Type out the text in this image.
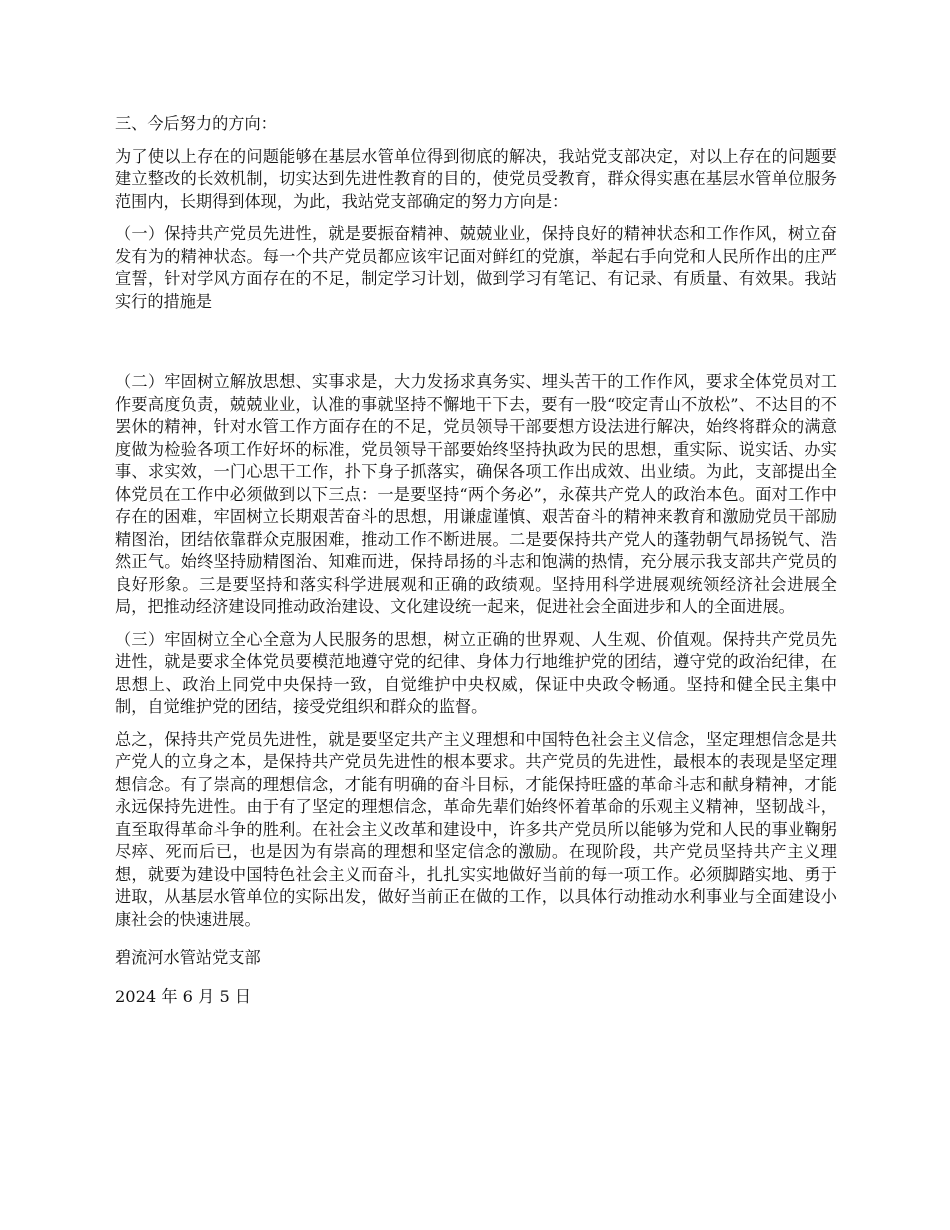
三、今后努力的方向：

为了使以上存在的问题能够在基层水管单位得到彻底的解决，我站党支部决定，对以上存在的问题要建立整改的长效机制，切实达到先进性教育的目的，使党员受教育，群众得实惠在基层水管单位服务范围内，长期得到体现，为此，我站党支部确定的努力方向是：

（一）保持共产党员先进性，就是要振奋精神、兢兢业业，保持良好的精神状态和工作作风，树立奋发有为的精神状态。每一个共产党员都应该牢记面对鲜红的党旗，举起右手向党和人民所作出的庄严宣誓，针对学风方面存在的不足，制定学习计划，做到学习有笔记、有记录、有质量、有效果。我站实行的措施是

（二）牢固树立解放思想、实事求是，大力发扬求真务实、埋头苦干的工作作风，要求全体党员对工作要高度负责，兢兢业业，认准的事就坚持不懈地干下去，要有一股“咬定青山不放松”、不达目的不罢休的精神，针对水管工作方面存在的不足，党员领导干部要想方设法进行解决，始终将群众的满意度做为检验各项工作好坏的标准，党员领导干部要始终坚持执政为民的思想，重实际、说实话、办实事、求实效，一门心思干工作，扑下身子抓落实，确保各项工作出成效、出业绩。为此，支部提出全体党员在工作中必须做到以下三点：一是要坚持“两个务必”，永葆共产党人的政治本色。面对工作中存在的困难，牢固树立长期艰苦奋斗的思想，用谦虚谨慎、艰苦奋斗的精神来教育和激励党员干部励精图治，团结依靠群众克服困难，推动工作不断进展。二是要保持共产党人的蓬勃朝气昂扬锐气、浩然正气。始终坚持励精图治、知难而进，保持昂扬的斗志和饱满的热情，充分展示我支部共产党员的良好形象。三是要坚持和落实科学进展观和正确的政绩观。坚持用科学进展观统领经济社会进展全局，把推动经济建设同推动政治建设、文化建设统一起来，促进社会全面进步和人的全面进展。

（三）牢固树立全心全意为人民服务的思想，树立正确的世界观、人生观、价值观。保持共产党员先进性，就是要求全体党员要模范地遵守党的纪律、身体力行地维护党的团结，遵守党的政治纪律，在思想上、政治上同党中央保持一致，自觉维护中央权威，保证中央政令畅通。坚持和健全民主集中制，自觉维护党的团结，接受党组织和群众的监督。

总之，保持共产党员先进性，就是要坚定共产主义理想和中国特色社会主义信念，坚定理想信念是共产党人的立身之本，是保持共产党员先进性的根本要求。共产党员的先进性，最根本的表现是坚定理想信念。有了崇高的理想信念，才能有明确的奋斗目标，才能保持旺盛的革命斗志和献身精神，才能永远保持先进性。由于有了坚定的理想信念，革命先辈们始终怀着革命的乐观主义精神，坚韧战斗，直至取得革命斗争的胜利。在社会主义改革和建设中，许多共产党员所以能够为党和人民的事业鞠躬尽瘁、死而后已，也是因为有崇高的理想和坚定信念的激励。在现阶段，共产党员坚持共产主义理想，就要为建设中国特色社会主义而奋斗，扎扎实实地做好当前的每一项工作。必须脚踏实地、勇于进取，从基层水管单位的实际出发，做好当前正在做的工作，以具体行动推动水利事业与全面建设小康社会的快速进展。

碧流河水管站党支部

2024 年 6 月 5 日
